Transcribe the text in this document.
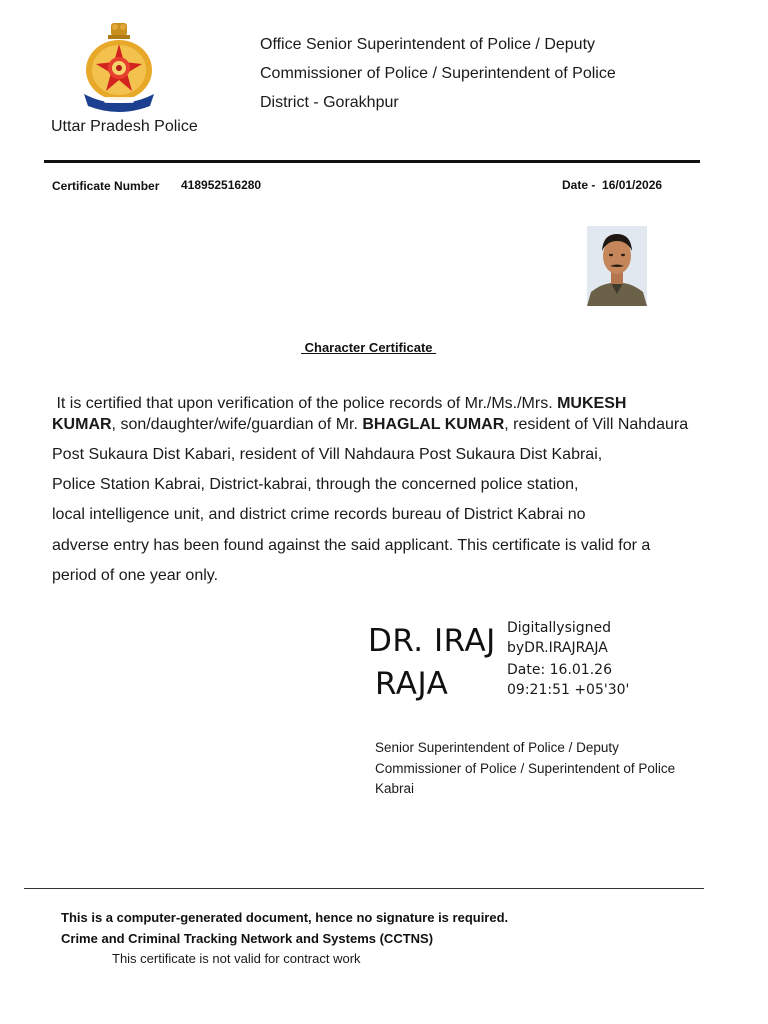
Uttar Pradesh Police
Office Senior Superintendent of Police / Deputy
Commissioner of Police / Superintendent of Police
District - Gorakhpur
Certificate Number 418952516280	Date - 16/01/2026
Character Certificate
It is certified that upon verification of the police records of Mr./Ms./Mrs. MUKESH
KUMAR, son/daughter/wife/guardian of Mr. BHAGLAL KUMAR, resident of Vill Nahdaura
Post Sukaura Dist Kabari, resident of Vill Nahdaura Post Sukaura Dist Kabrai,
Police Station Kabrai, District-kabrai, through the concerned police station,
local intelligence unit, and district crime records bureau of District Kabrai no
adverse entry has been found against the said applicant. This certificate is valid for a
period of one year only.
DR. IRAJ
RAJA
Digitallysigned
byDR.IRAJRAJA
Date: 16.01.26
09:21:51 +05'30'
Senior Superintendent of Police / Deputy
Commissioner of Police / Superintendent of Police
Kabrai
This is a computer-generated document, hence no signature is required.
Crime and Criminal Tracking Network and Systems (CCTNS)
This certificate is not valid for contract work
